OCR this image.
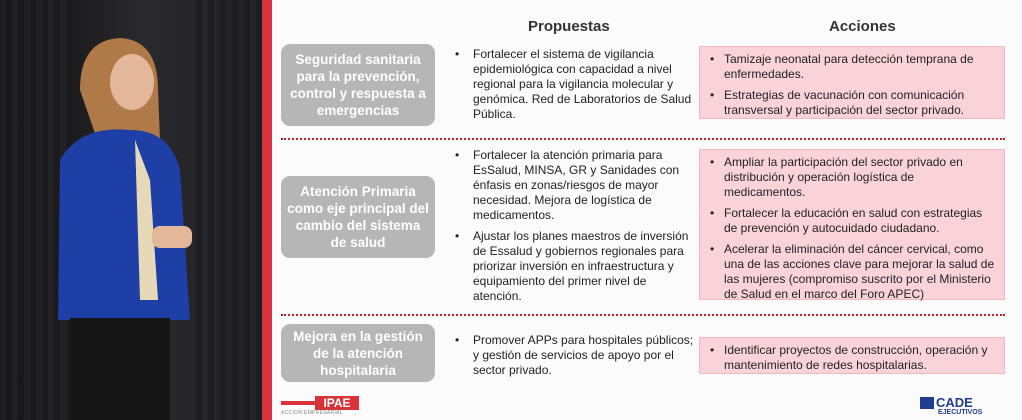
Propuestas	Acciones
Seguridad sanitaria para la prevención, control y respuesta a emergencias
• Fortalecer el sistema de vigilancia epidemiológica con capacidad a nivel regional para la vigilancia molecular y genómica. Red de Laboratorios de Salud Pública.
• Tamizaje neonatal para detección temprana de enfermedades.
• Estrategias de vacunación con comunicación transversal y participación del sector privado.
Atención Primaria como eje principal del cambio del sistema de salud
• Fortalecer la atención primaria para EsSalud, MINSA, GR y Sanidades con énfasis en zonas/riesgos de mayor necesidad. Mejora de logística de medicamentos.
• Ajustar los planes maestros de inversión de Essalud y gobiernos regionales para priorizar inversión en infraestructura y equipamiento del primer nivel de atención.
• Ampliar la participación del sector privado en distribución y operación logística de medicamentos.
• Fortalecer la educación en salud con estrategias de prevención y autocuidado ciudadano.
• Acelerar la eliminación del cáncer cervical, como una de las acciones clave para mejorar la salud de las mujeres (compromiso suscrito por el Ministerio de Salud en el marco del Foro APEC)
Mejora en la gestión de la atención hospitalaria
• Promover APPs para hospitales públicos; y gestión de servicios de apoyo por el sector privado.
• Identificar proyectos de construcción, operación y mantenimiento de redes hospitalarias.
IPAE
ACCION EMPRESARIAL
CADE
EJECUTIVOS
